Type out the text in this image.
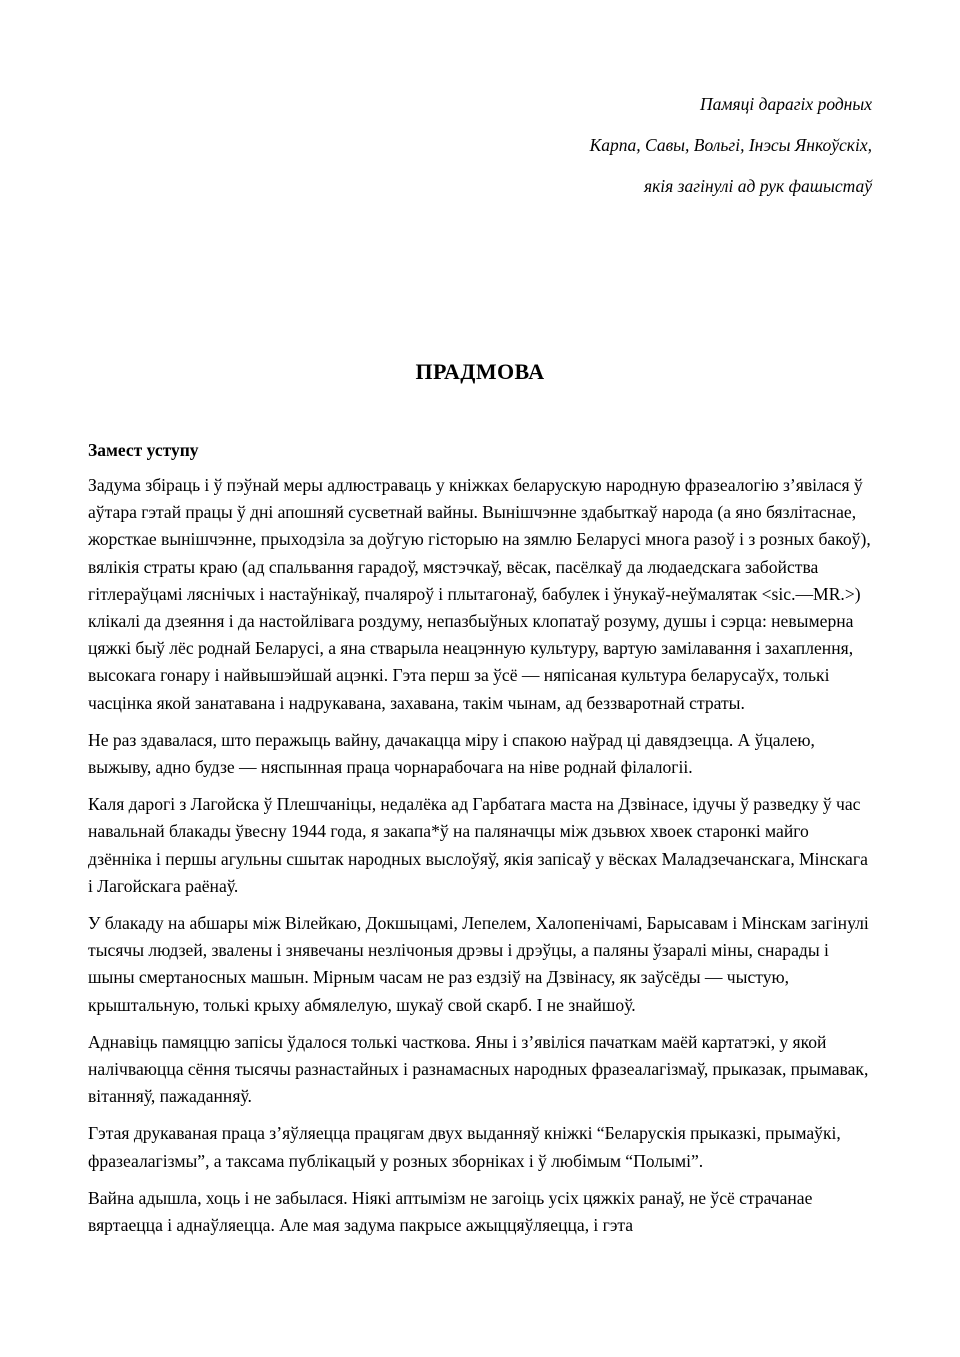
Памяці дарагіх родных
Карпа, Савы, Вольгі, Інэсы Янкоўскіх,
якія загінулі ад рук фашыстаў
ПРАДМОВА

Замест уступу

Задума збіраць і ў пэўнай меры адлюстраваць у кніжках беларускую народную фразеалогію з’явілася ў аўтара гэтай працы ў дні апошняй сусветнай вайны. Вынішчэнне здабыткаў народа (а яно бязлітаснае, жорсткае вынішчэнне, прыходзіла за доўгую гісторыю на зямлю Беларусі многа разоў і з розных бакоў), вялікія страты краю (ад спальвання гарадоў, мястэчкаў, вёсак, пасёлкаў да людаедскага забойства гітлераўцамі ляснічых і настаўнікаў, пчаляроў і плытагонаў, бабулек і ўнукаў-неўмалятак <sic.—MR.>) клікалі да дзеяння і да настойлівага роздуму, непазбыўных клопатаў розуму, душы і сэрца: невымерна цяжкі быў лёс роднай Беларусі, а яна стварыла неацэнную культуру, вартую замілавання і захаплення, высокага гонару і найвышэйшай ацэнкі. Гэта перш за ўсё — няпісаная культура беларусаўх, толькі часцінка якой занатавана і надрукавана, захавана, такім чынам, ад беззваротнай страты.

Не раз здавалася, што перажыць вайну, дачакацца міру і спакою наўрад ці давядзецца. А ўцалею, выжыву, адно будзе — няспынная праца чорнарабочага на ніве роднай філалогіі.

Каля дарогі з Лагойска ў Плешчаніцы, недалёка ад Гарбатага маста на Дзвінасе, ідучы ў разведку ў час навальнай блакады ўвесну 1944 года, я закапа*ў на паляначцы між дзьвюх хвоек старонкі майго дзённіка і першы агульны сшытак народных выслоўяў, якія запісаў у вёсках Маладзечанскага, Мінскага і Лагойскага раёнаў.

У блакаду на абшары між Вілейкаю, Докшыцамі, Лепелем, Халопенічамі, Барысавам і Мінскам загінулі тысячы людзей, звалены і знявечаны незлічоныя дрэвы і дрэўцы, а паляны ўзаралі міны, снарады і шыны смертаносных машын. Мірным часам не раз ездзіў на Дзвінасу, як заўсёды — чыстую, крыштальную, толькі крыху абмялелую, шукаў свой скарб. І не знайшоў.

Аднавіць памяццю запісы ўдалося толькі часткова. Яны і з’явіліся пачаткам маёй картатэкі, у якой налічваюцца сёння тысячы разнастайных і разнамасных народных фразеалагізмаў, прыказак, прымавак, вітанняў, пажаданняў.

Гэтая друкаваная праца з’яўляецца працягам двух выданняў кніжкі “Беларускія прыказкі, прымаўкі, фразеалагізмы”, а таксама публікацый у розных зборніках і ў любімым “Полымі”.

Вайна адышла, хоць і не забылася. Ніякі аптымізм не загоіць усіх цяжкіх ранаў, не ўсё страчанае вяртаецца і аднаўляецца. Але мая задума пакрысе ажыццяўляецца, і гэта
